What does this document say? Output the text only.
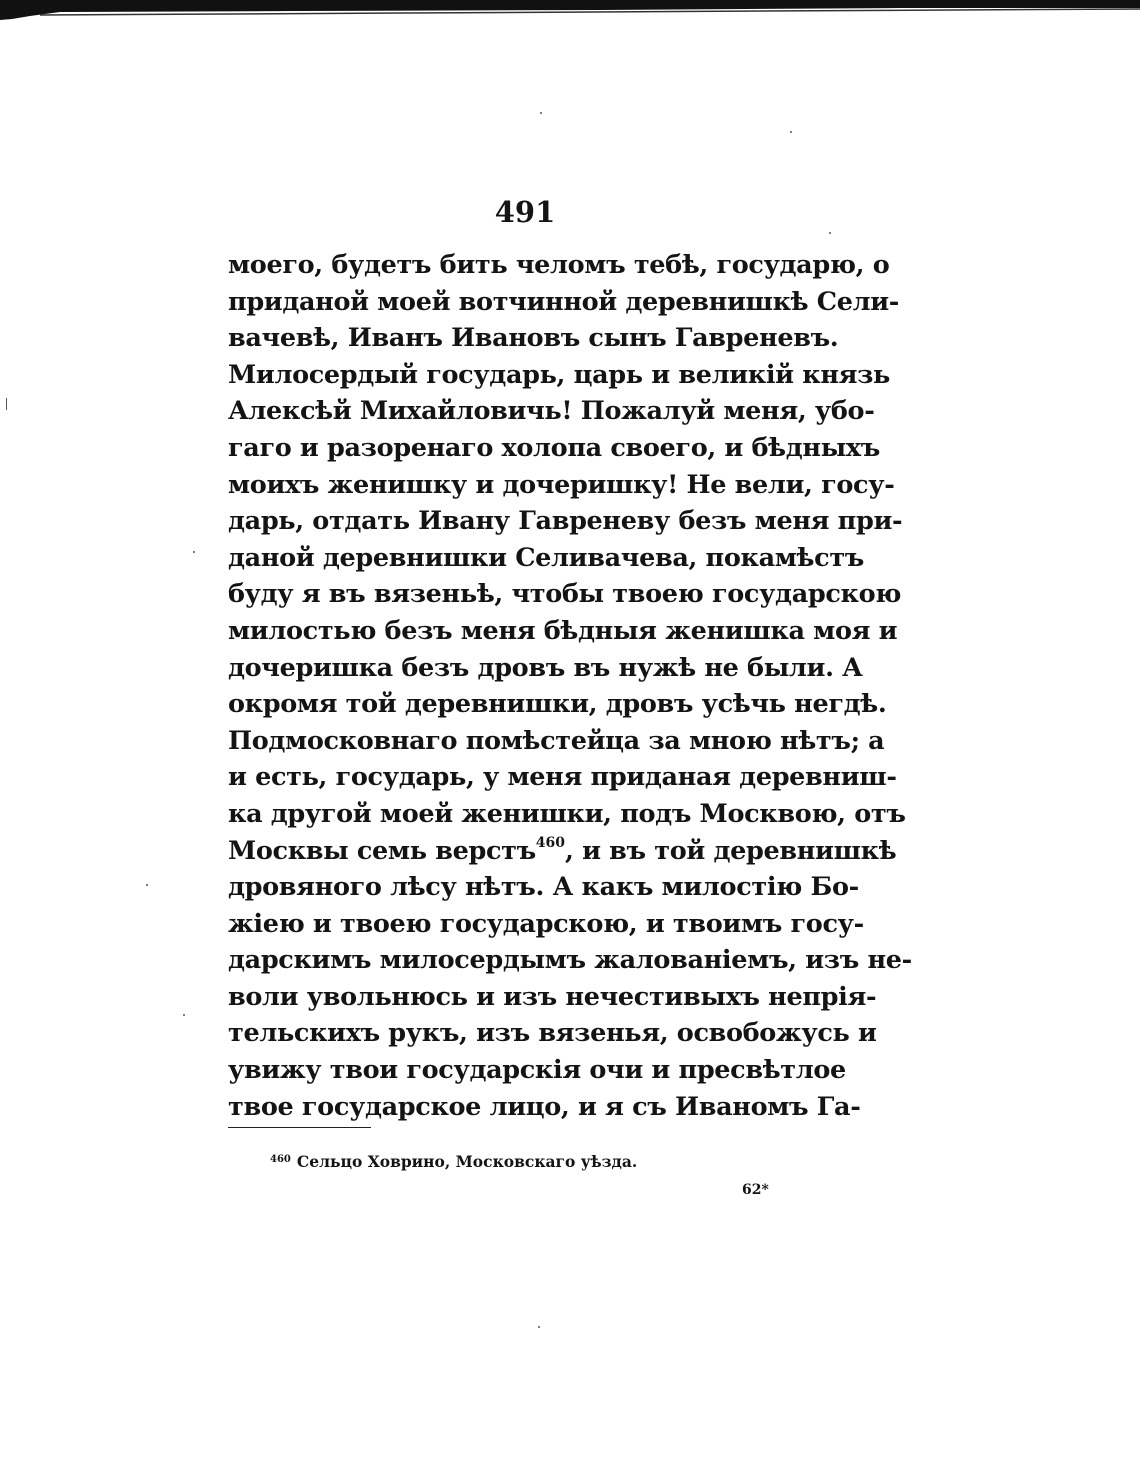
491
моего, будетъ бить челомъ тебѣ, государю, о
приданой моей вотчинной деревнишкѣ Сели-
вачевѣ, Иванъ Ивановъ сынъ Гавреневъ.
Милосердый государь, царь и великій князь
Алексѣй Михайловичь! Пожалуй меня, убо-
гаго и разоренаго холопа своего, и бѣдныхъ
моихъ женишку и дочеришку! Не вели, госу-
дарь, отдать Ивану Гавреневу безъ меня при-
даной деревнишки Селивачева, покамѣстъ
буду я въ вязеньѣ, чтобы твоею государскою
милостью безъ меня бѣдныя женишка моя и
дочеришка безъ дровъ въ нужѣ не были. А
окромя той деревнишки, дровъ усѣчь негдѣ.
Подмосковнаго помѣстейца за мною нѣтъ; а
и есть, государь, у меня приданая деревниш-
ка другой моей женишки, подъ Москвою, отъ
Москвы семь верстъ$^{460}$, и въ той деревнишкѣ
дровяного лѣсу нѣтъ. А какъ милостію Бо-
жіею и твоею государскою, и твоимъ госу-
дарскимъ милосердымъ жалованіемъ, изъ не-
воли увольнюсь и изъ нечестивыхъ непрія-
тельскихъ рукъ, изъ вязенья, освобожусь и
увижу твои государскія очи и пресвѣтлое
твое государское лицо, и я съ Иваномъ Га-
$^{460}$ Сельцо Ховрино, Московскаго уѣзда.
62*
